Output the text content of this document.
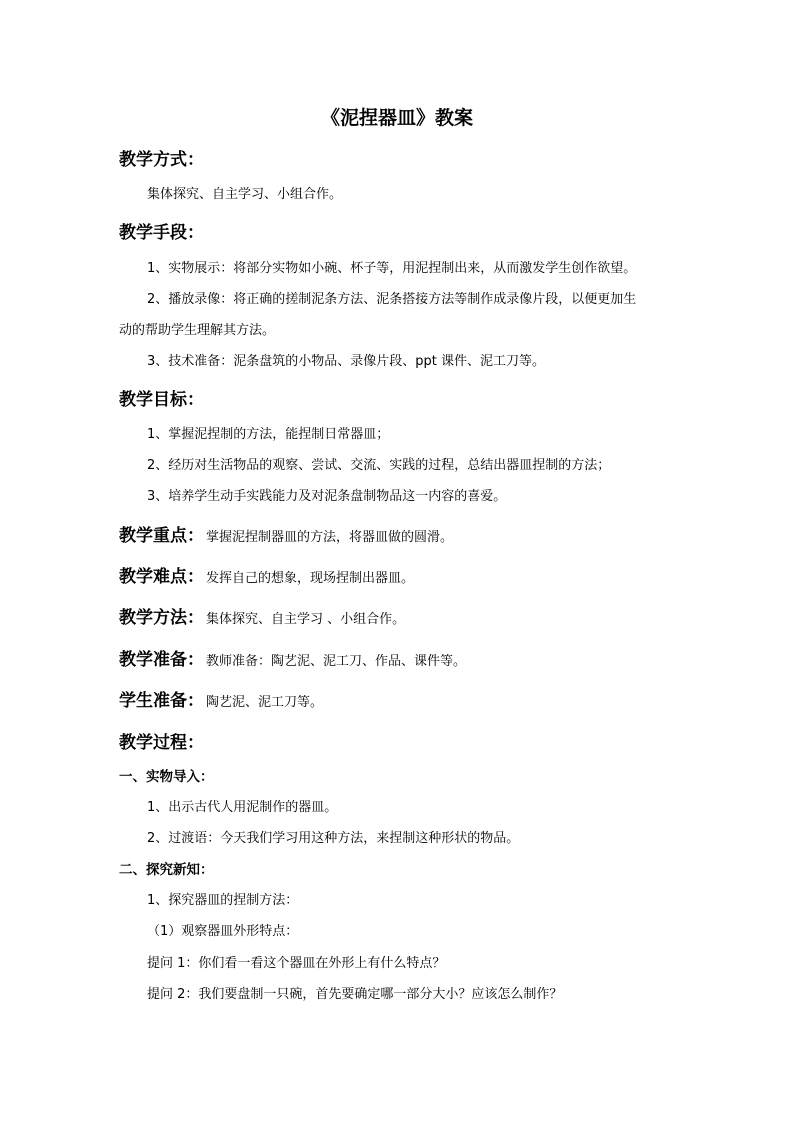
《泥捏器皿》教案
教学方式：

集体探究、自主学习、小组合作。

教学手段：

1、实物展示：将部分实物如小碗、杯子等，用泥捏制出来，从而激发学生创作欲望。

2、播放录像：将正确的搓制泥条方法、泥条搭接方法等制作成录像片段，以便更加生

动的帮助学生理解其方法。

3、技术准备：泥条盘筑的小物品、录像片段、ppt 课件、泥工刀等。

教学目标：

1、掌握泥捏制的方法，能捏制日常器皿；

2、经历对生活物品的观察、尝试、交流、实践的过程，总结出器皿捏制的方法；

3、培养学生动手实践能力及对泥条盘制物品这一内容的喜爱。

教学重点： 掌握泥捏制器皿的方法，将器皿做的圆滑。
教学难点： 发挥自己的想象，现场捏制出器皿。
教学方法： 集体探究、自主学习 、小组合作。
教学准备： 教师准备：陶艺泥、泥工刀、作品、课件等。
学生准备： 陶艺泥、泥工刀等。
教学过程：
一、实物导入：

1、出示古代人用泥制作的器皿。

2、过渡语：今天我们学习用这种方法，来捏制这种形状的物品。

二、探究新知：

1、探究器皿的捏制方法：

（1）观察器皿外形特点：

提问 1：你们看一看这个器皿在外形上有什么特点？

提问 2：我们要盘制一只碗，首先要确定哪一部分大小？应该怎么制作？
